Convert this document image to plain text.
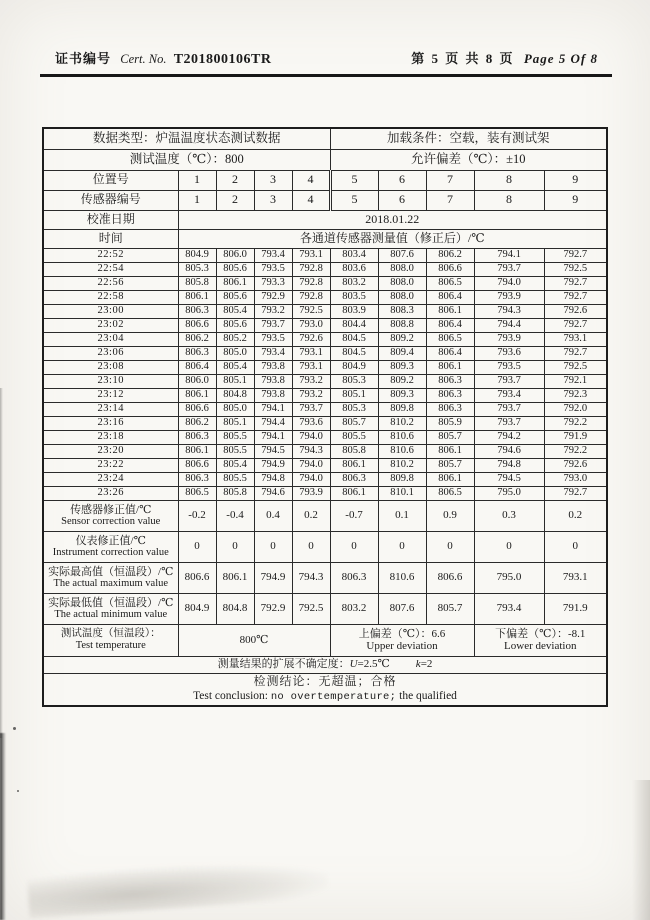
证书编号 Cert. No. T201800106TR	第 5 页 共 8 页 Page 5 Of 8
数据类型：炉温温度状态测试数据					加载条件：空载，装有测试架				
测试温度（℃）：800					允许偏差（℃）：±10				
位置号	1	2	3	4	5	6	7	8	9
传感器编号	1	2	3	4	5	6	7	8	9
校准日期	2018.01.22								
时间	各通道传感器测量值（修正后）/℃								
22:52	804.9	806.0	793.4	793.1	803.4	807.6	806.2	794.1	792.7
22:54	805.3	805.6	793.5	792.8	803.6	808.0	806.6	793.7	792.5
22:56	805.8	806.1	793.3	792.8	803.2	808.0	806.5	794.0	792.7
22:58	806.1	805.6	792.9	792.8	803.5	808.0	806.4	793.9	792.7
23:00	806.3	805.4	793.2	792.5	803.9	808.3	806.1	794.3	792.6
23:02	806.6	805.6	793.7	793.0	804.4	808.8	806.4	794.4	792.7
23:04	806.2	805.2	793.5	792.6	804.5	809.2	806.5	793.9	793.1
23:06	806.3	805.0	793.4	793.1	804.5	809.4	806.4	793.6	792.7
23:08	806.4	805.4	793.8	793.1	804.9	809.3	806.1	793.5	792.5
23:10	806.0	805.1	793.8	793.2	805.3	809.2	806.3	793.7	792.1
23:12	806.1	804.8	793.8	793.2	805.1	809.3	806.3	793.4	792.3
23:14	806.6	805.0	794.1	793.7	805.3	809.8	806.3	793.7	792.0
23:16	806.2	805.1	794.4	793.6	805.7	810.2	805.9	793.7	792.2
23:18	806.3	805.5	794.1	794.0	805.5	810.6	805.7	794.2	791.9
23:20	806.1	805.5	794.5	794.3	805.8	810.6	806.1	794.6	792.2
23:22	806.6	805.4	794.9	794.0	806.1	810.2	805.7	794.8	792.6
23:24	806.3	805.5	794.8	794.0	806.3	809.8	806.1	794.5	793.0
23:26	806.5	805.8	794.6	793.9	806.1	810.1	806.5	795.0	792.7

传感器修正值/℃
Sensor correction value	-0.2	-0.4	0.4	0.2	-0.7	0.1	0.9	0.3	0.2

仪表修正值/℃
Instrument correction value	0	0	0	0	0	0	0	0	0

实际最高值（恒温段）/℃
The actual maximum value	806.6	806.1	794.9	794.3	806.3	810.6	806.6	795.0	793.1

实际最低值（恒温段）/℃
The actual minimum value	804.9	804.8	792.9	792.5	803.2	807.6	805.7	793.4	791.9

测试温度（恒温段）：
Test temperature	800℃	
上偏差（℃）：6.6
Upper deviation

下偏差（℃）：-8.1
Lower deviation

测量结果的扩展不确定度：U=2.5℃ k=2									

检测结论：无超温；合格
Test conclusion: no overtemperature; the qualified									
